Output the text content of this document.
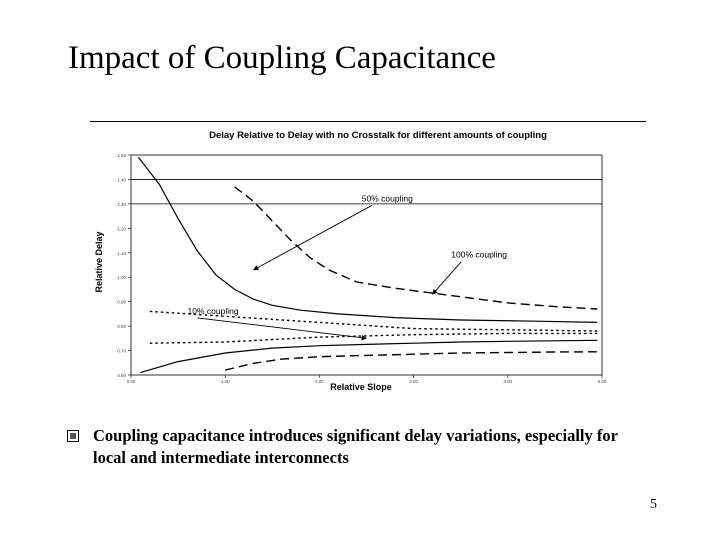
Impact of Coupling Capacitance
Delay Relative to Delay with no Crosstalk for different amounts of coupling
Relative Delay
Relative Slope
0.60
0.70
0.80
0.90
1.00
1.10
1.20
1.30
1.40
1.50
0.00	1.00	2.00	3.00	4.00	5.00
50% coupling
100% coupling
10% coupling
Coupling capacitance introduces significant delay variations, especially for local and intermediate interconnects
5
